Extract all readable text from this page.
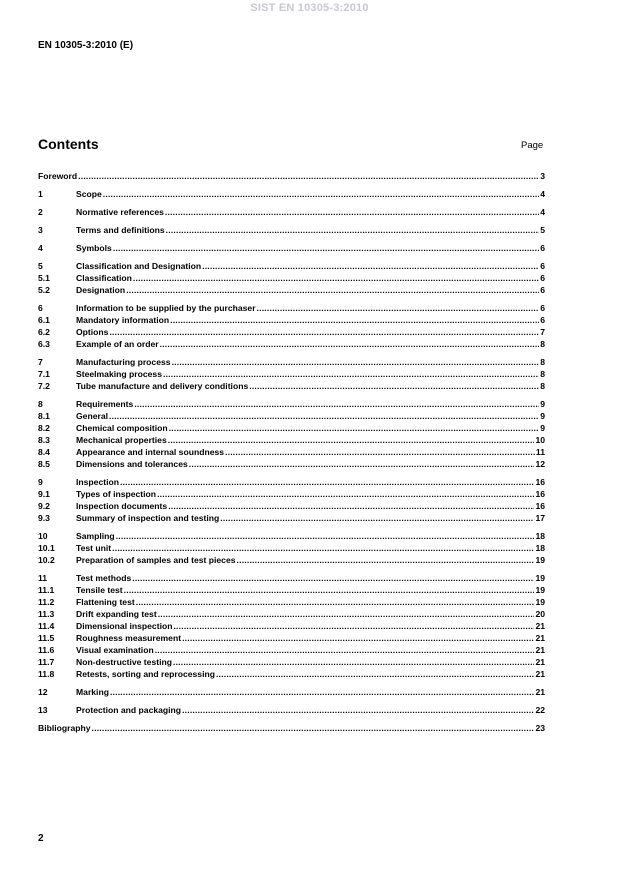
SIST EN 10305-3:2010
EN 10305-3:2010 (E)
Contents	Page
Foreword .....	3
1	Scope .....	4
2	Normative references .....	4
3	Terms and definitions .....	5
4	Symbols .....	6
5	Classification and Designation .....	6
5.1	Classification .....	6
5.2	Designation .....	6
6	Information to be supplied by the purchaser .....	6
6.1	Mandatory information .....	6
6.2	Options .....	7
6.3	Example of an order .....	8
7	Manufacturing process .....	8
7.1	Steelmaking process .....	8
7.2	Tube manufacture and delivery conditions .....	8
8	Requirements .....	9
8.1	General .....	9
8.2	Chemical composition .....	9
8.3	Mechanical properties .....	10
8.4	Appearance and internal soundness .....	11
8.5	Dimensions and tolerances .....	12
9	Inspection .....	16
9.1	Types of inspection .....	16
9.2	Inspection documents .....	16
9.3	Summary of inspection and testing .....	17
10	Sampling .....	18
10.1	Test unit .....	18
10.2	Preparation of samples and test pieces .....	19
11	Test methods .....	19
11.1	Tensile test .....	19
11.2	Flattening test .....	19
11.3	Drift expanding test .....	20
11.4	Dimensional inspection .....	21
11.5	Roughness measurement .....	21
11.6	Visual examination .....	21
11.7	Non-destructive testing .....	21
11.8	Retests, sorting and reprocessing .....	21
12	Marking .....	21
13	Protection and packaging .....	22
Bibliography .....	23
2
